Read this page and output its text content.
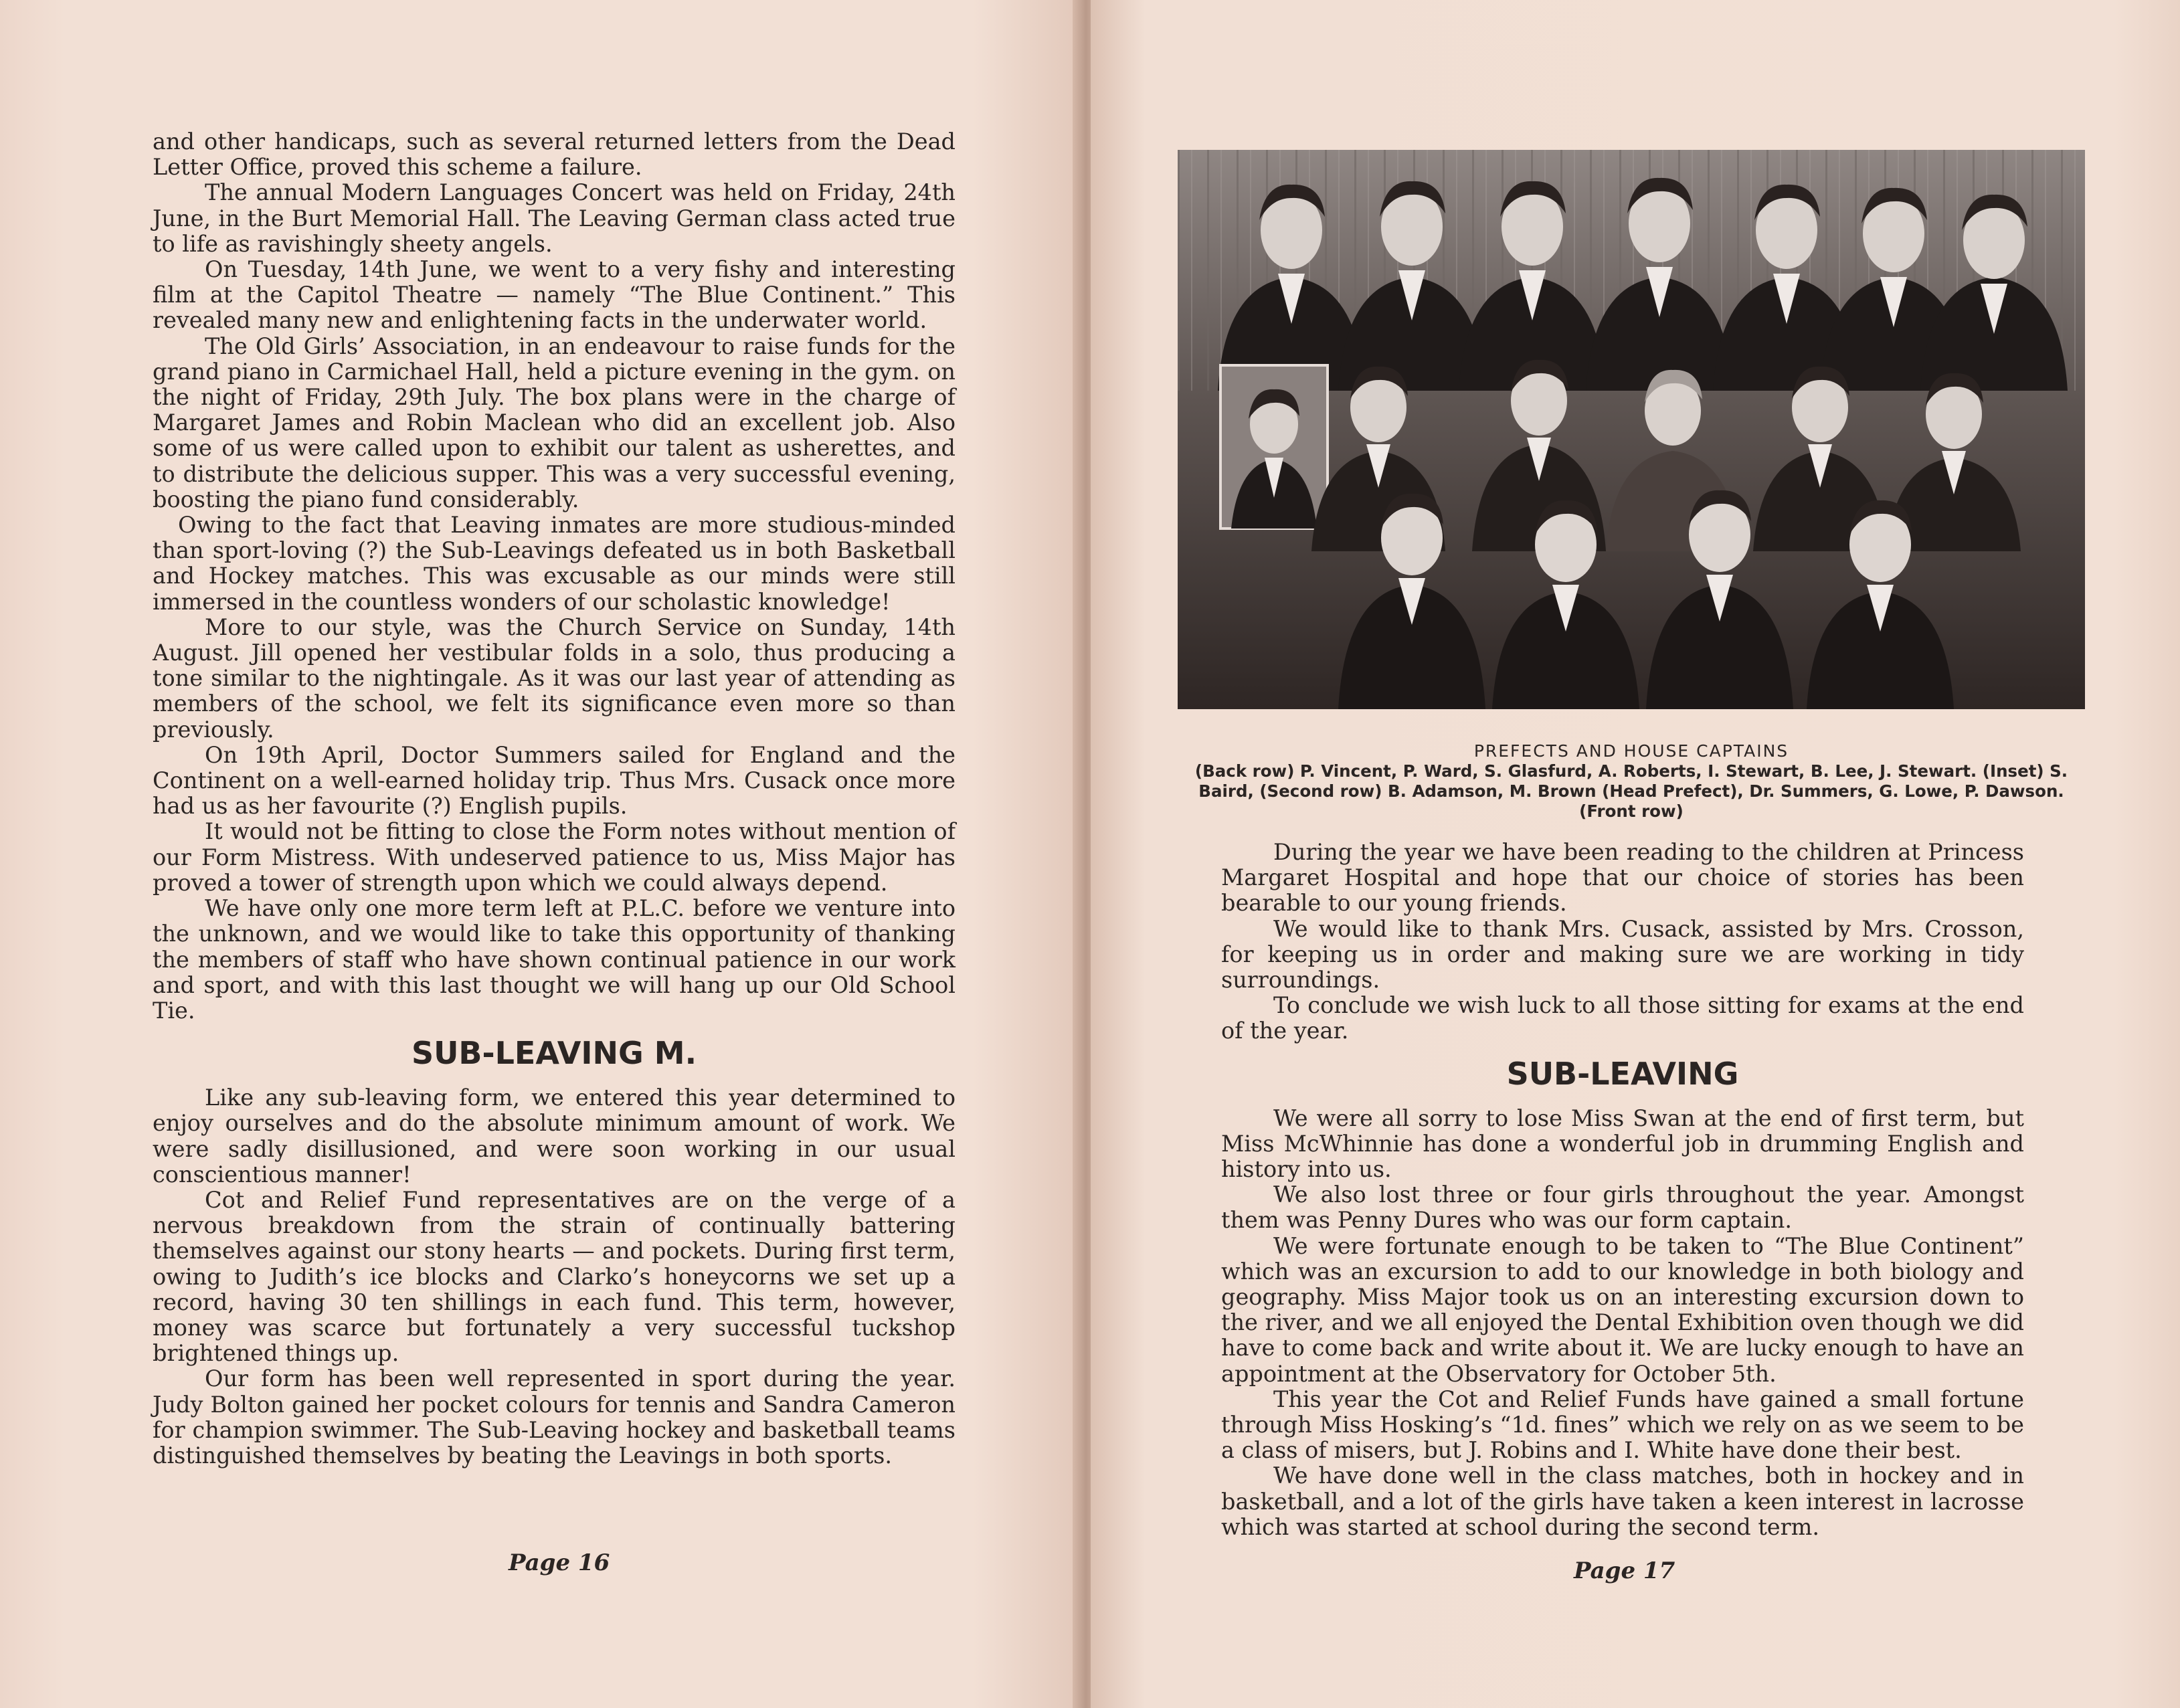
and other handicaps, such as several returned letters from the Dead Letter Office, proved this scheme a failure.

The annual Modern Languages Concert was held on Friday, 24th June, in the Burt Memorial Hall. The Leaving German class acted true to life as ravishingly sheety angels.

On Tuesday, 14th June, we went to a very fishy and interesting film at the Capitol Theatre — namely “The Blue Continent.” This revealed many new and enlightening facts in the underwater world.

The Old Girls’ Association, in an endeavour to raise funds for the grand piano in Carmichael Hall, held a picture evening in the gym. on the night of Friday, 29th July. The box plans were in the charge of Margaret James and Robin Maclean who did an excellent job. Also some of us were called upon to exhibit our talent as usherettes, and to distribute the delicious supper. This was a very successful evening, boosting the piano fund considerably.

Owing to the fact that Leaving inmates are more studious-minded than sport-loving (?) the Sub-Leavings defeated us in both Basketball and Hockey matches. This was excusable as our minds were still immersed in the countless wonders of our scholastic knowledge!

More to our style, was the Church Service on Sunday, 14th August. Jill opened her vestibular folds in a solo, thus producing a tone similar to the nightingale. As it was our last year of attending as members of the school, we felt its significance even more so than previously.

On 19th April, Doctor Summers sailed for England and the Continent on a well-earned holiday trip. Thus Mrs. Cusack once more had us as her favourite (?) English pupils.

It would not be fitting to close the Form notes without mention of our Form Mistress. With undeserved patience to us, Miss Major has proved a tower of strength upon which we could always depend.

We have only one more term left at P.L.C. before we venture into the unknown, and we would like to take this opportunity of thanking the members of staff who have shown continual patience in our work and sport, and with this last thought we will hang up our Old School Tie.

SUB-LEAVING M.

Like any sub-leaving form, we entered this year determined to enjoy ourselves and do the absolute minimum amount of work. We were sadly disillusioned, and were soon working in our usual conscientious manner!

Cot and Relief Fund representatives are on the verge of a nervous breakdown from the strain of continually battering themselves against our stony hearts — and pockets. During first term, owing to Judith’s ice blocks and Clarko’s honeycorns we set up a record, having 30 ten shillings in each fund. This term, however, money was scarce but fortunately a very successful tuckshop brightened things up.

Our form has been well represented in sport during the year. Judy Bolton gained her pocket colours for tennis and Sandra Cameron for champion swimmer. The Sub-Leaving hockey and basketball teams distinguished themselves by beating the Leavings in both sports.

Page 16
PREFECTS AND HOUSE CAPTAINS
(Back row) P. Vincent, P. Ward, S. Glasfurd, A. Roberts, I. Stewart, B. Lee, J. Stewart. (Inset) S. Baird, (Second row) B. Adamson, M. Brown (Head Prefect), Dr. Summers, G. Lowe, P. Dawson. (Front row)

During the year we have been reading to the children at Princess Margaret Hospital and hope that our choice of stories has been bearable to our young friends.

We would like to thank Mrs. Cusack, assisted by Mrs. Crosson, for keeping us in order and making sure we are working in tidy surroundings.

To conclude we wish luck to all those sitting for exams at the end of the year.

SUB-LEAVING

We were all sorry to lose Miss Swan at the end of first term, but Miss McWhinnie has done a wonderful job in drumming English and history into us.

We also lost three or four girls throughout the year. Amongst them was Penny Dures who was our form captain.

We were fortunate enough to be taken to “The Blue Continent” which was an excursion to add to our knowledge in both biology and geography. Miss Major took us on an interesting excursion down to the river, and we all enjoyed the Dental Exhibition oven though we did have to come back and write about it. We are lucky enough to have an appointment at the Observatory for October 5th.

This year the Cot and Relief Funds have gained a small fortune through Miss Hosking’s “1d. fines” which we rely on as we seem to be a class of misers, but J. Robins and I. White have done their best.

We have done well in the class matches, both in hockey and in basketball, and a lot of the girls have taken a keen interest in lacrosse which was started at school during the second term.

Page 17
